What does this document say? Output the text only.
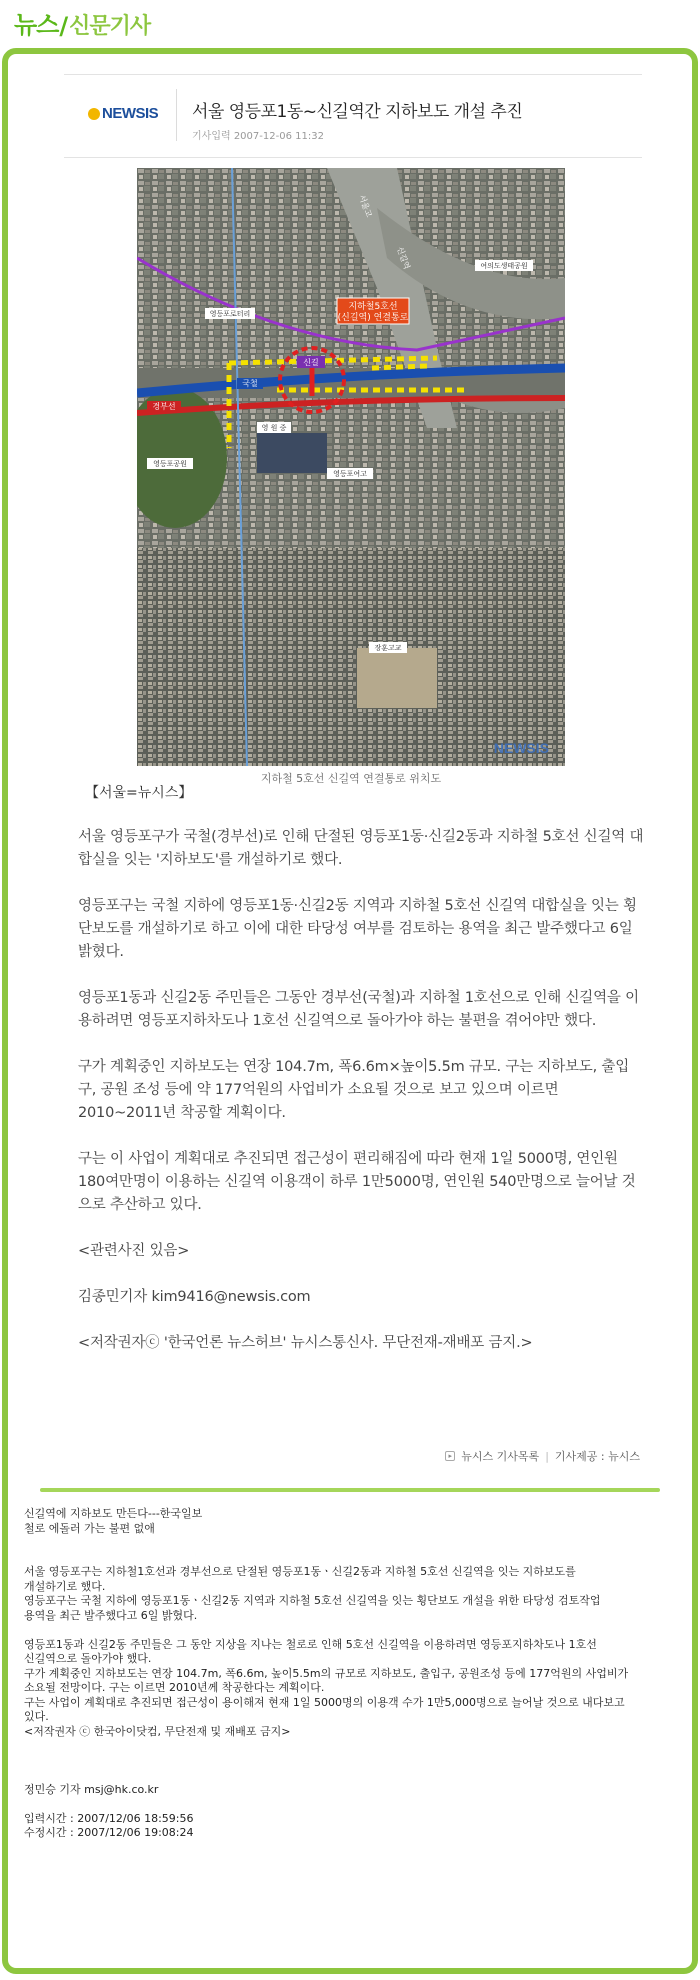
뉴스 / 신문기사
NEWSIS 서울 영등포1동~신길역간 지하보도 개설 추진
기사입력 2007-12-06 11:32
지하철5호선
(신길역) 연결통로
신길
국철
경부선
영등포공원
영등포로터리
영 원 중
영등포여고
장훈고교
여의도생태공원
서울고
신길역
NEWSIS
지하철 5호선 신길역 연결통로 위치도
【서울=뉴시스】

서울 영등포구가 국철(경부선)로 인해 단절된 영등포1동·신길2동과 지하철 5호선 신길역 대합실을 잇는 '지하보도'를 개설하기로 했다.

영등포구는 국철 지하에 영등포1동·신길2동 지역과 지하철 5호선 신길역 대합실을 잇는 횡단보도를 개설하기로 하고 이에 대한 타당성 여부를 검토하는 용역을 최근 발주했다고 6일 밝혔다.

영등포1동과 신길2동 주민들은 그동안 경부선(국철)과 지하철 1호선으로 인해 신길역을 이용하려면 영등포지하차도나 1호선 신길역으로 돌아가야 하는 불편을 겪어야만 했다.

구가 계획중인 지하보도는 연장 104.7m, 폭6.6m×높이5.5m 규모. 구는 지하보도, 출입구, 공원 조성 등에 약 177억원의 사업비가 소요될 것으로 보고 있으며 이르면 2010~2011년 착공할 계획이다.

구는 이 사업이 계획대로 추진되면 접근성이 편리해짐에 따라 현재 1일 5000명, 연인원 180여만명이 이용하는 신길역 이용객이 하루 1만5000명, 연인원 540만명으로 늘어날 것으로 추산하고 있다.

<관련사진 있음>

김종민기자 kim9416@newsis.com

<저작권자ⓒ '한국언론 뉴스허브' 뉴시스통신사. 무단전재-재배포 금지.>

▸ 뉴시스 기사목록 | 기사제공 : 뉴시스
신길역에 지하보도 만든다---한국일보
철로 에돌러 가는 불편 없애
서울 영등포구는 지하철1호선과 경부선으로 단절된 영등포1동ㆍ신길2동과 지하철 5호선 신길역을 잇는 지하보도를
개설하기로 했다.
영등포구는 국철 지하에 영등포1동ㆍ신길2동 지역과 지하철 5호선 신길역을 잇는 횡단보도 개설을 위한 타당성 검토작업
용역을 최근 발주했다고 6일 밝혔다.
영등포1동과 신길2동 주민들은 그 동안 지상을 지나는 철로로 인해 5호선 신길역을 이용하려면 영등포지하차도나 1호선
신길역으로 돌아가야 했다.
구가 계획중인 지하보도는 연장 104.7m, 폭6.6m, 높이5.5m의 규모로 지하보도, 출입구, 공원조성 등에 177억원의 사업비가
소요될 전망이다. 구는 이르면 2010년께 착공한다는 계획이다.
구는 사업이 계획대로 추진되면 접근성이 용이해져 현재 1일 5000명의 이용객 수가 1만5,000명으로 늘어날 것으로 내다보고
있다.
<저작권자 ⓒ 한국아이닷컴, 무단전재 및 재배포 금지>
정민승 기자 msj@hk.co.kr
입력시간 : 2007/12/06 18:59:56
수정시간 : 2007/12/06 19:08:24
